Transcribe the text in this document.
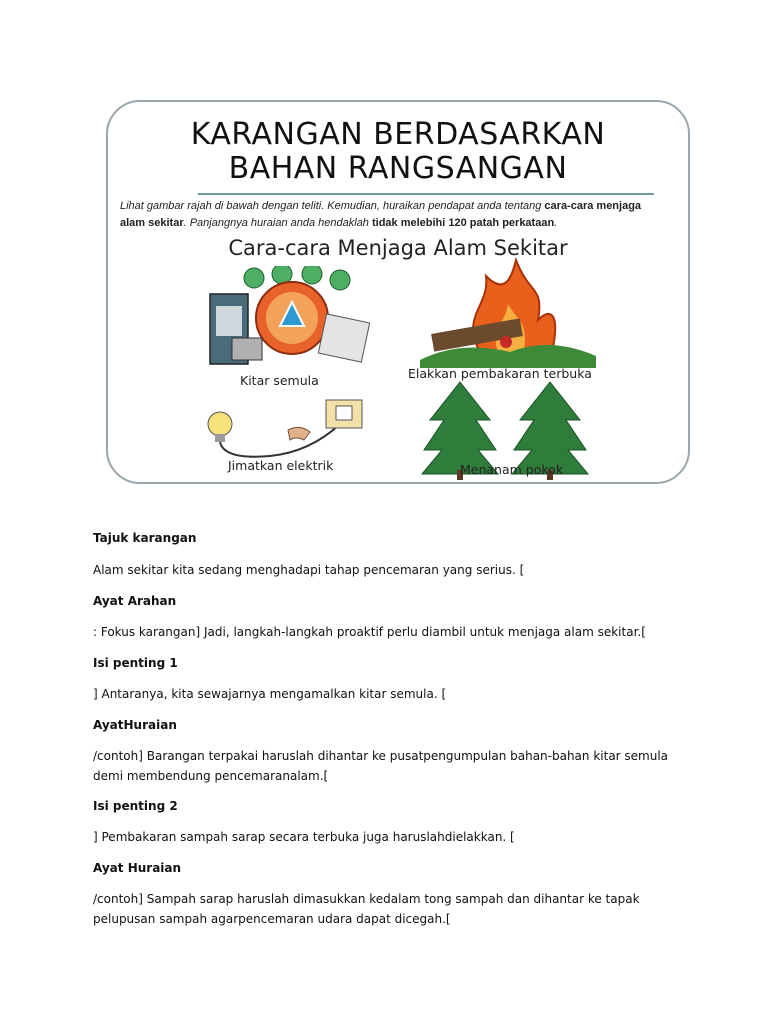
KARANGAN BERDASARKAN
BAHAN RANGSANGAN
Lihat gambar rajah di bawah dengan teliti. Kemudian, huraikan pendapat anda tentang cara-cara menjaga alam sekitar. Panjangnya huraian anda hendaklah tidak melebihi 120 patah perkataan.
Cara-cara Menjaga Alam Sekitar
Kitar semula	Elakkan pembakaran terbuka
Jimatkan elektrik	Menanam pokok
Tajuk karangan
Alam sekitar kita sedang menghadapi tahap pencemaran yang serius. [
Ayat Arahan
: Fokus karangan] Jadi, langkah-langkah proaktif perlu diambil untuk menjaga alam sekitar.[
Isi penting 1
] Antaranya, kita sewajarnya mengamalkan kitar semula. [
AyatHuraian
/contoh] Barangan terpakai haruslah dihantar ke pusatpengumpulan bahan-bahan kitar semula demi membendung pencemaranalam.[
Isi penting 2
] Pembakaran sampah sarap secara terbuka juga haruslahdielakkan. [
Ayat Huraian
/contoh] Sampah sarap haruslah dimasukkan kedalam tong sampah dan dihantar ke tapak pelupusan sampah agarpencemaran udara dapat dicegah.[
